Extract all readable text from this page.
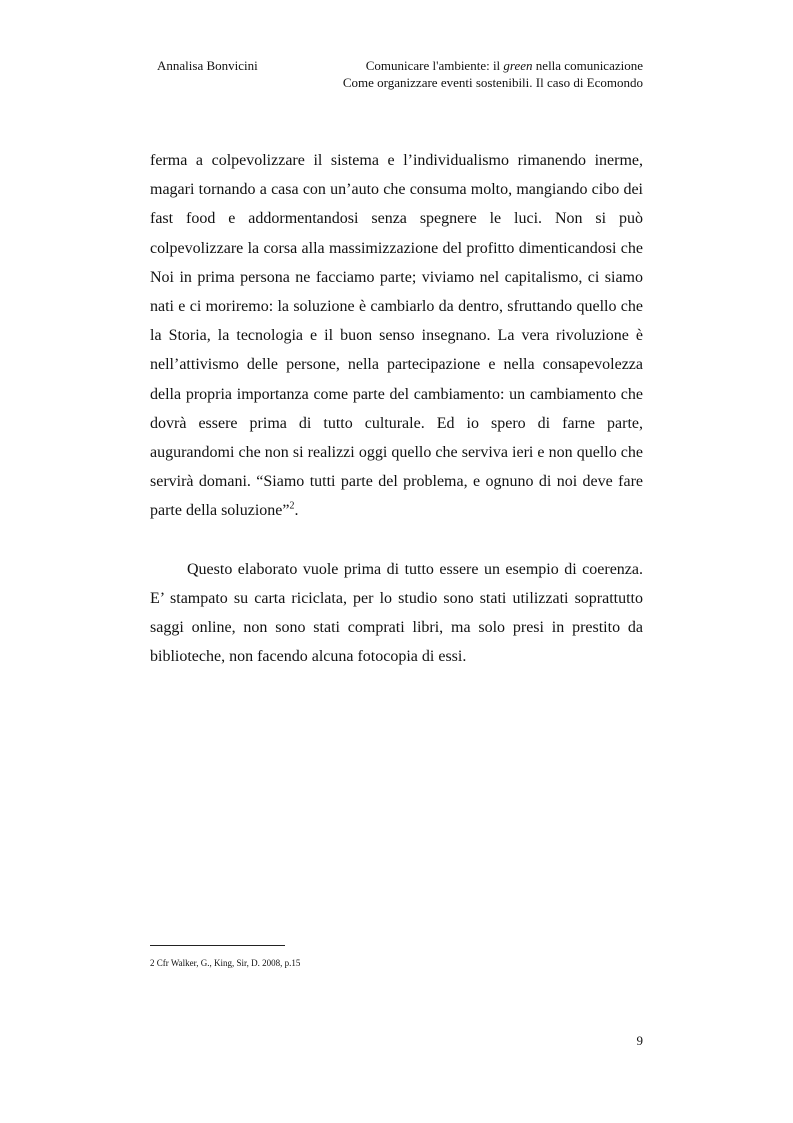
Annalisa Bonvicini	Comunicare l'ambiente: il green nella comunicazione
Come organizzare eventi sostenibili. Il caso di Ecomondo

ferma a colpevolizzare il sistema e l’individualismo rimanendo inerme, magari tornando a casa con un’auto che consuma molto, mangiando cibo dei fast food e addormentandosi senza spegnere le luci. Non si può colpevolizzare la corsa alla massimizzazione del profitto dimenticandosi che Noi in prima persona ne facciamo parte; viviamo nel capitalismo, ci siamo nati e ci moriremo: la soluzione è cambiarlo da dentro, sfruttando quello che la Storia, la tecnologia e il buon senso insegnano. La vera rivoluzione è nell’attivismo delle persone, nella partecipazione e nella consapevolezza della propria importanza come parte del cambiamento: un cambiamento che dovrà essere prima di tutto culturale. Ed io spero di farne parte, augurandomi che non si realizzi oggi quello che serviva ieri e non quello che servirà domani. “Siamo tutti parte del problema, e ognuno di noi deve fare parte della soluzione”$^2$.

Questo elaborato vuole prima di tutto essere un esempio di coerenza. E’ stampato su carta riciclata, per lo studio sono stati utilizzati soprattutto saggi online, non sono stati comprati libri, ma solo presi in prestito da biblioteche, non facendo alcuna fotocopia di essi.

2 Cfr Walker, G., King, Sir, D. 2008, p.15
9
